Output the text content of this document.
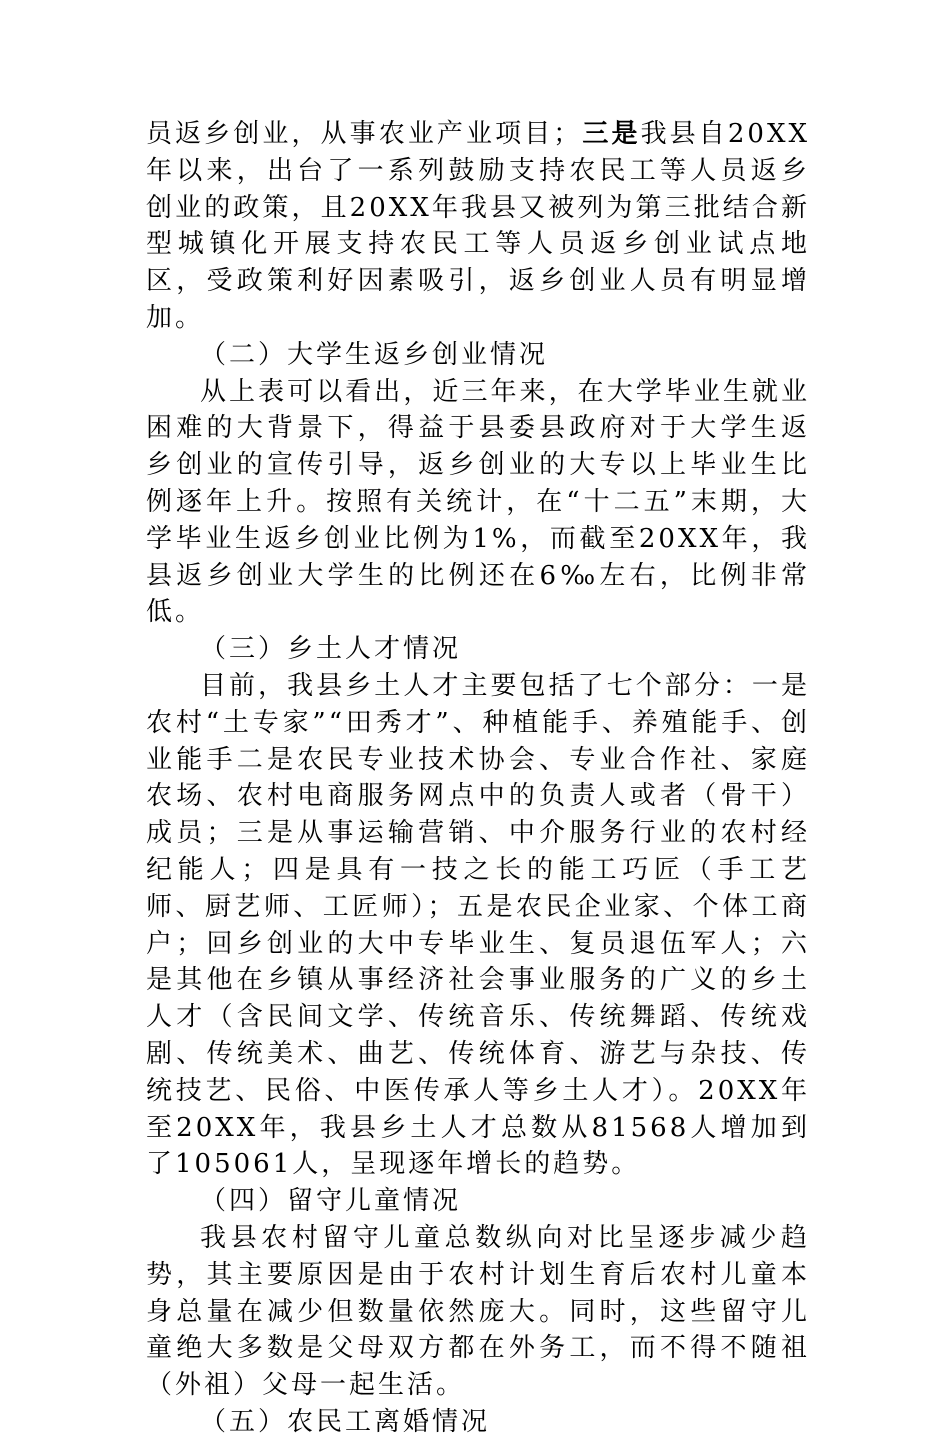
员返乡创业，从事农业产业项目；三是我县自20XX年以来，出台了一系列鼓励支持农民工等人员返乡创业的政策，且20XX年我县又被列为第三批结合新型城镇化开展支持农民工等人员返乡创业试点地区，受政策利好因素吸引，返乡创业人员有明显增加。

（二）大学生返乡创业情况

从上表可以看出，近三年来，在大学毕业生就业困难的大背景下，得益于县委县政府对于大学生返乡创业的宣传引导，返乡创业的大专以上毕业生比例逐年上升。按照有关统计，在“十二五”末期，大学毕业生返乡创业比例为1%，而截至20XX年，我县返乡创业大学生的比例还在6‰左右，比例非常低。

（三）乡土人才情况

目前，我县乡土人才主要包括了七个部分：一是农村“土专家”“田秀才”、种植能手、养殖能手、创业能手二是农民专业技术协会、专业合作社、家庭农场、农村电商服务网点中的负责人或者（骨干）成员；三是从事运输营销、中介服务行业的农村经纪能人；四是具有一技之长的能工巧匠（手工艺师、厨艺师、工匠师）；五是农民企业家、个体工商户；回乡创业的大中专毕业生、复员退伍军人；六是其他在乡镇从事经济社会事业服务的广义的乡土人才（含民间文学、传统音乐、传统舞蹈、传统戏剧、传统美术、曲艺、传统体育、游艺与杂技、传统技艺、民俗、中医传承人等乡土人才）。20XX年至20XX年，我县乡土人才总数从81568人增加到了105061人，呈现逐年增长的趋势。

（四）留守儿童情况

我县农村留守儿童总数纵向对比呈逐步减少趋势，其主要原因是由于农村计划生育后农村儿童本身总量在减少但数量依然庞大。同时，这些留守儿童绝大多数是父母双方都在外务工，而不得不随祖（外祖）父母一起生活。

（五）农民工离婚情况
